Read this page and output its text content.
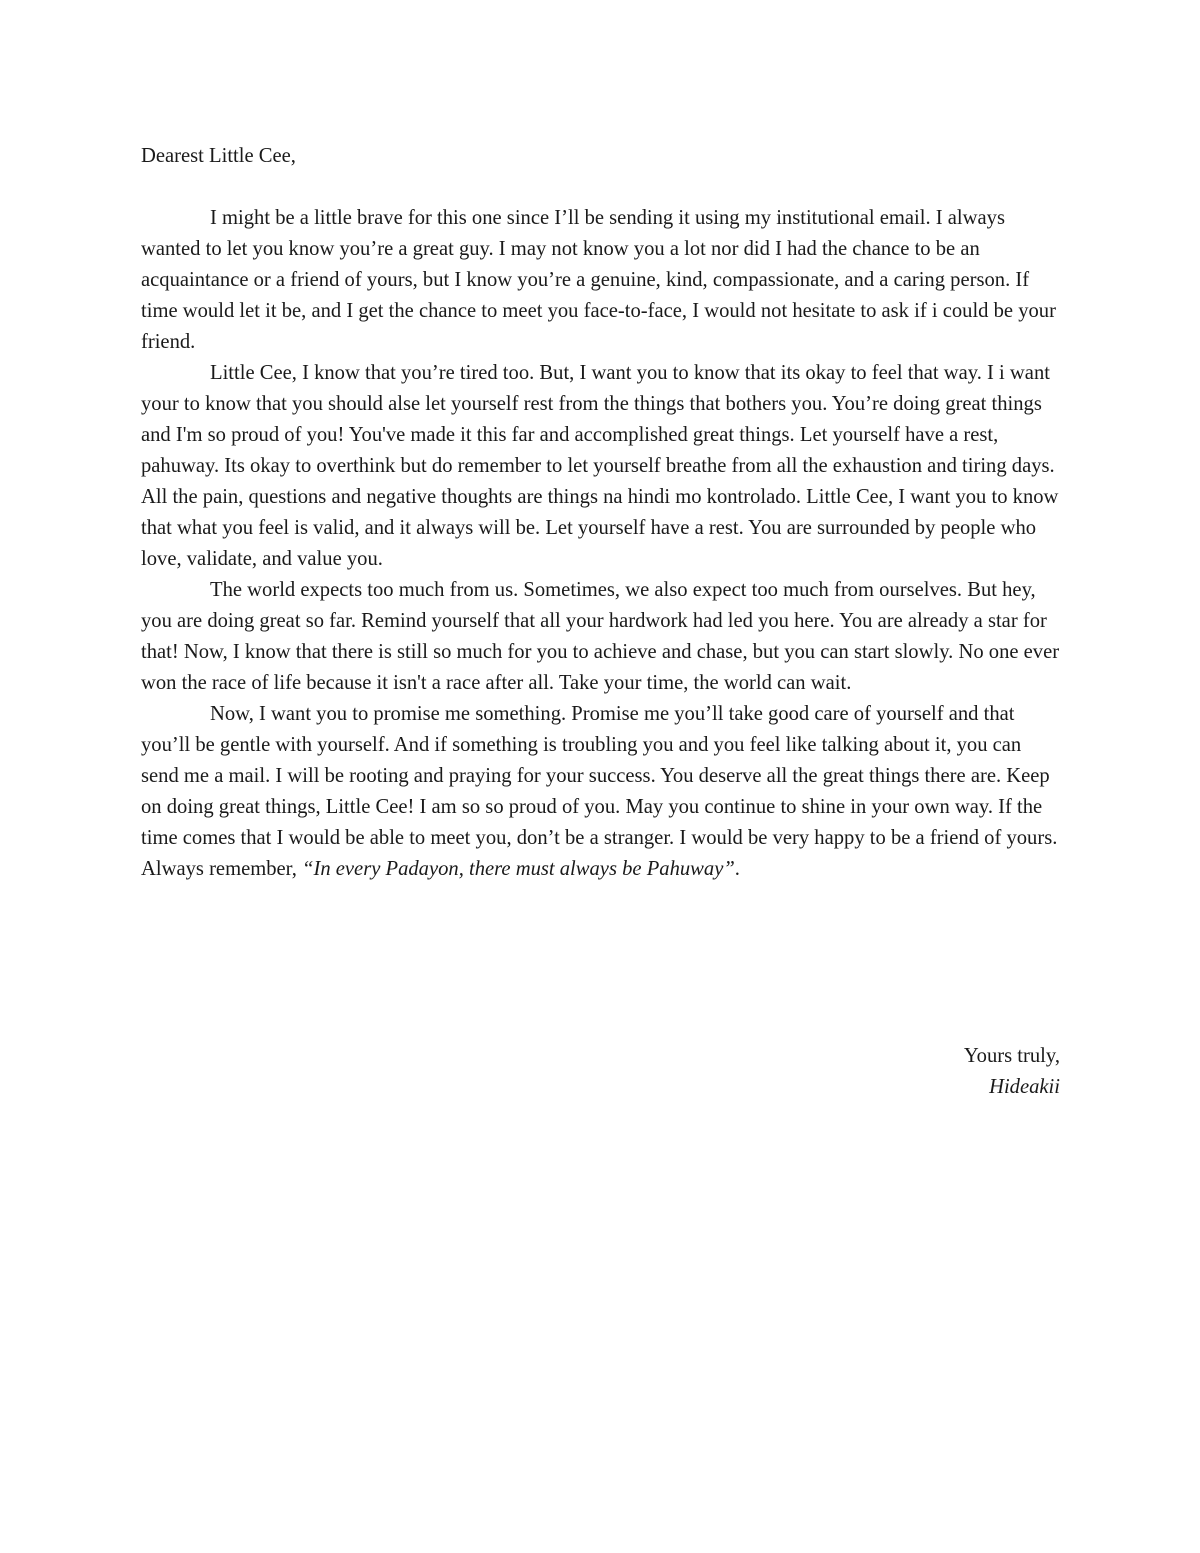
Dearest Little Cee,

I might be a little brave for this one since I’ll be sending it using my institutional email. I always wanted to let you know you’re a great guy. I may not know you a lot nor did I had the chance to be an acquaintance or a friend of yours, but I know you’re a genuine, kind, compassionate, and a caring person. If time would let it be, and I get the chance to meet you face-to-face, I would not hesitate to ask if i could be your friend.

Little Cee, I know that you’re tired too. But, I want you to know that its okay to feel that way. I i want your to know that you should alse let yourself rest from the things that bothers you. You’re doing great things and I'm so proud of you! You've made it this far and accomplished great things. Let yourself have a rest, pahuway. Its okay to overthink but do remember to let yourself breathe from all the exhaustion and tiring days. All the pain, questions and negative thoughts are things na hindi mo kontrolado. Little Cee, I want you to know that what you feel is valid, and it always will be. Let yourself have a rest. You are surrounded by people who love, validate, and value you.

The world expects too much from us. Sometimes, we also expect too much from ourselves. But hey, you are doing great so far. Remind yourself that all your hardwork had led you here. You are already a star for that! Now, I know that there is still so much for you to achieve and chase, but you can start slowly. No one ever won the race of life because it isn't a race after all. Take your time, the world can wait.

Now, I want you to promise me something. Promise me you’ll take good care of yourself and that you’ll be gentle with yourself. And if something is troubling you and you feel like talking about it, you can send me a mail. I will be rooting and praying for your success. You deserve all the great things there are. Keep on doing great things, Little Cee! I am so so proud of you. May you continue to shine in your own way. If the time comes that I would be able to meet you, don’t be a stranger. I would be very happy to be a friend of yours. Always remember, “In every Padayon, there must always be Pahuway”.

Yours truly,
Hideakii
